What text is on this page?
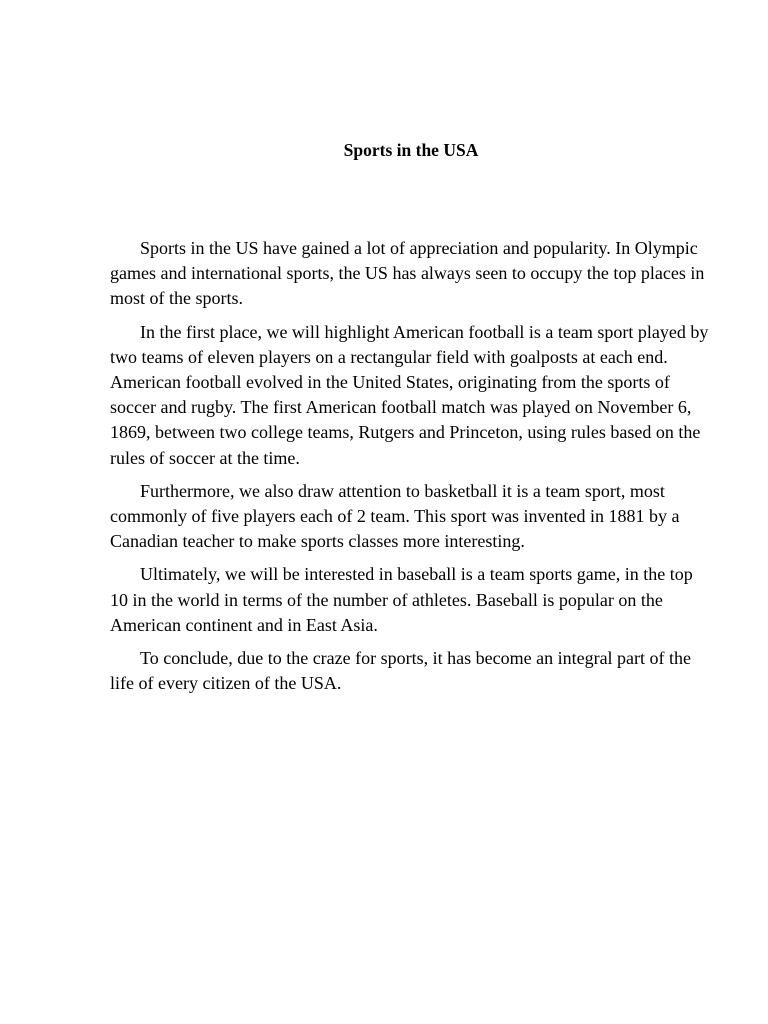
Sports in the USA

Sports in the US have gained a lot of appreciation and popularity. In Olympic games and international sports, the US has always seen to occupy the top places in most of the sports.

In the first place, we will highlight American football is a team sport played by two teams of eleven players on a rectangular field with goalposts at each end. American football evolved in the United States, originating from the sports of soccer and rugby. The first American football match was played on November 6, 1869, between two college teams, Rutgers and Princeton, using rules based on the rules of soccer at the time.

Furthermore, we also draw attention to basketball it is a team sport, most commonly of five players each of 2 team. This sport was invented in 1881 by a Canadian teacher to make sports classes more interesting.

Ultimately, we will be interested in baseball is a team sports game, in the top 10 in the world in terms of the number of athletes. Baseball is popular on the American continent and in East Asia.

To conclude, due to the craze for sports, it has become an integral part of the life of every citizen of the USA.
